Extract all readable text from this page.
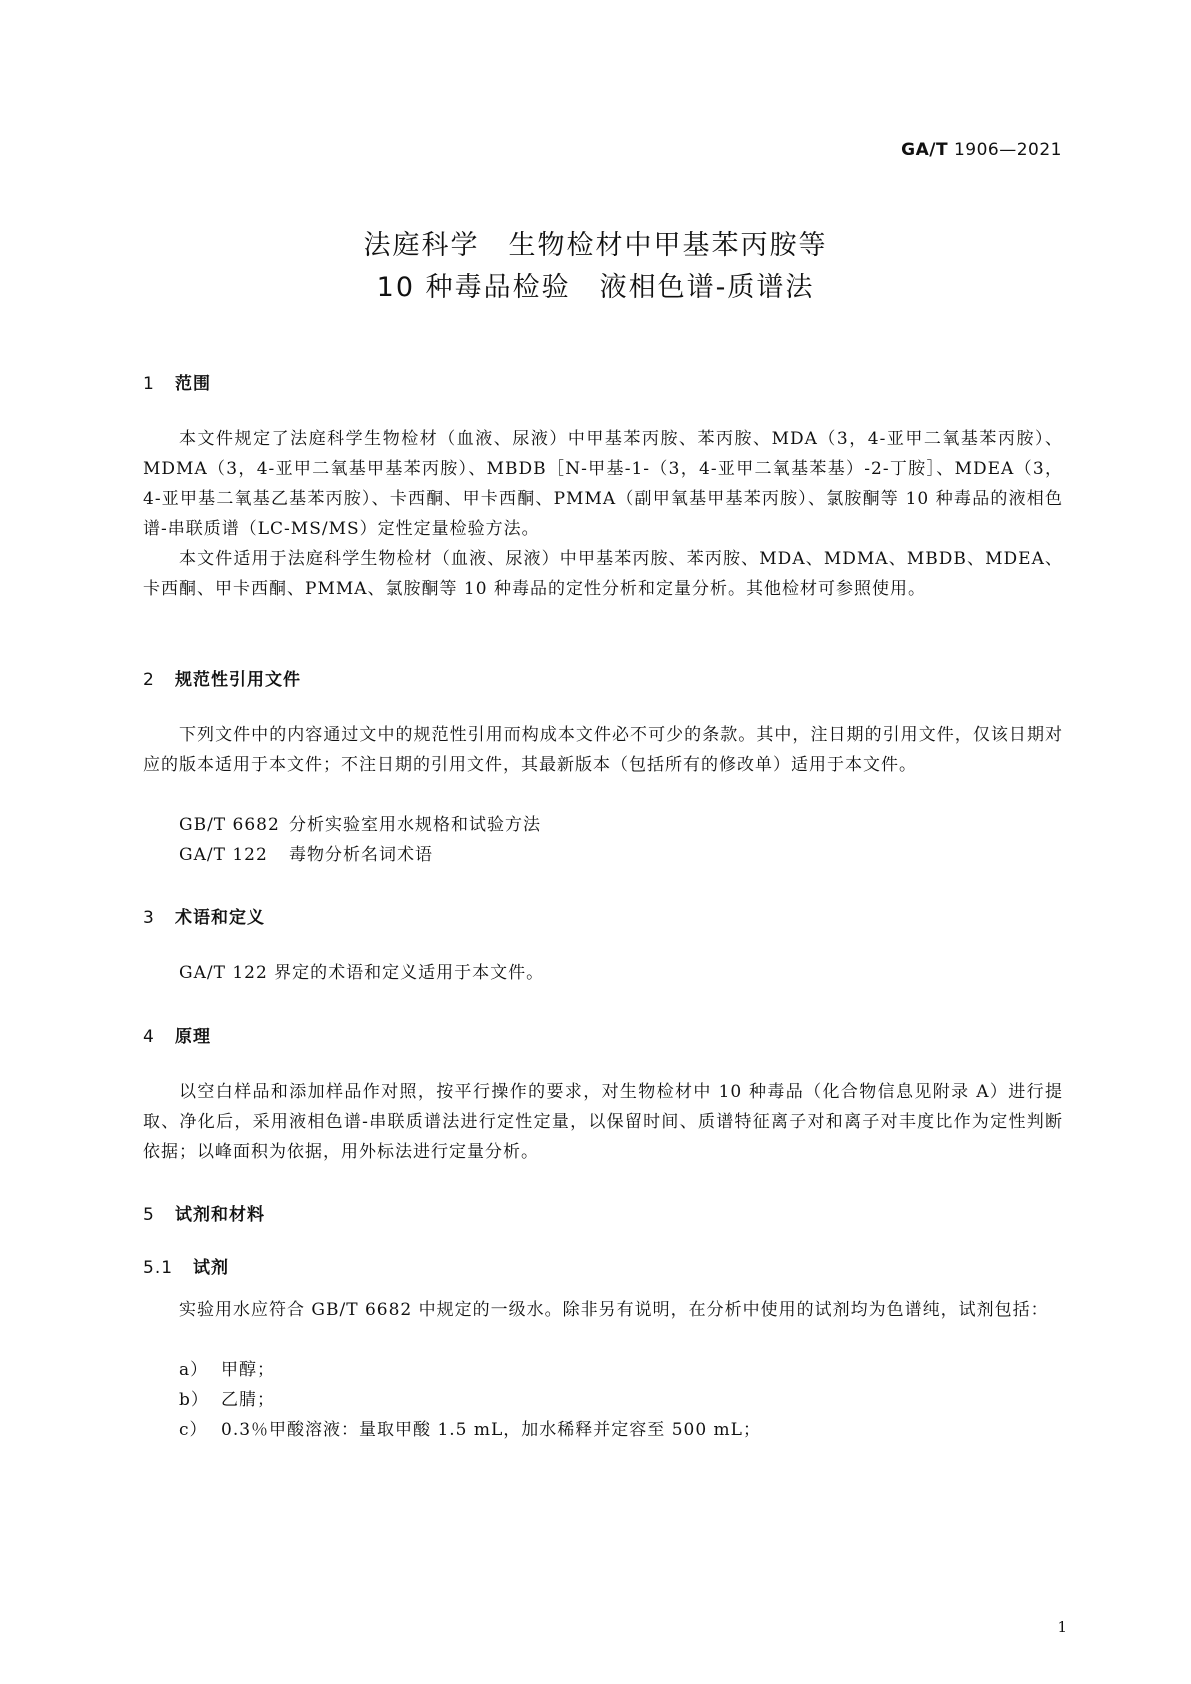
GA/T 1906—2021
法庭科学　生物检材中甲基苯丙胺等
10 种毒品检验　液相色谱-质谱法
1 范围
本文件规定了法庭科学生物检材（血液、尿液）中甲基苯丙胺、苯丙胺、MDA（3，4-亚甲二氧基苯丙胺）、MDMA（3，4-亚甲二氧基甲基苯丙胺）、MBDB［N-甲基-1-（3，4-亚甲二氧基苯基）-2-丁胺］、MDEA（3，4-亚甲基二氧基乙基苯丙胺）、卡西酮、甲卡西酮、PMMA（副甲氧基甲基苯丙胺）、氯胺酮等 10 种毒品的液相色谱-串联质谱（LC-MS/MS）定性定量检验方法。
本文件适用于法庭科学生物检材（血液、尿液）中甲基苯丙胺、苯丙胺、MDA、MDMA、MBDB、MDEA、卡西酮、甲卡西酮、PMMA、氯胺酮等 10 种毒品的定性分析和定量分析。其他检材可参照使用。
2 规范性引用文件
下列文件中的内容通过文中的规范性引用而构成本文件必不可少的条款。其中，注日期的引用文件，仅该日期对应的版本适用于本文件；不注日期的引用文件，其最新版本（包括所有的修改单）适用于本文件。
GB/T 6682 分析实验室用水规格和试验方法
GA/T 122 毒物分析名词术语
3 术语和定义
GA/T 122 界定的术语和定义适用于本文件。
4 原理
以空白样品和添加样品作对照，按平行操作的要求，对生物检材中 10 种毒品（化合物信息见附录 A）进行提取、净化后，采用液相色谱-串联质谱法进行定性定量，以保留时间、质谱特征离子对和离子对丰度比作为定性判断依据；以峰面积为依据，用外标法进行定量分析。
5 试剂和材料
5.1 试剂
实验用水应符合 GB/T 6682 中规定的一级水。除非另有说明，在分析中使用的试剂均为色谱纯，试剂包括：
a） 甲醇；
b） 乙腈；
c） 0.3％甲酸溶液：量取甲酸 1.5 mL，加水稀释并定容至 500 mL；
1
